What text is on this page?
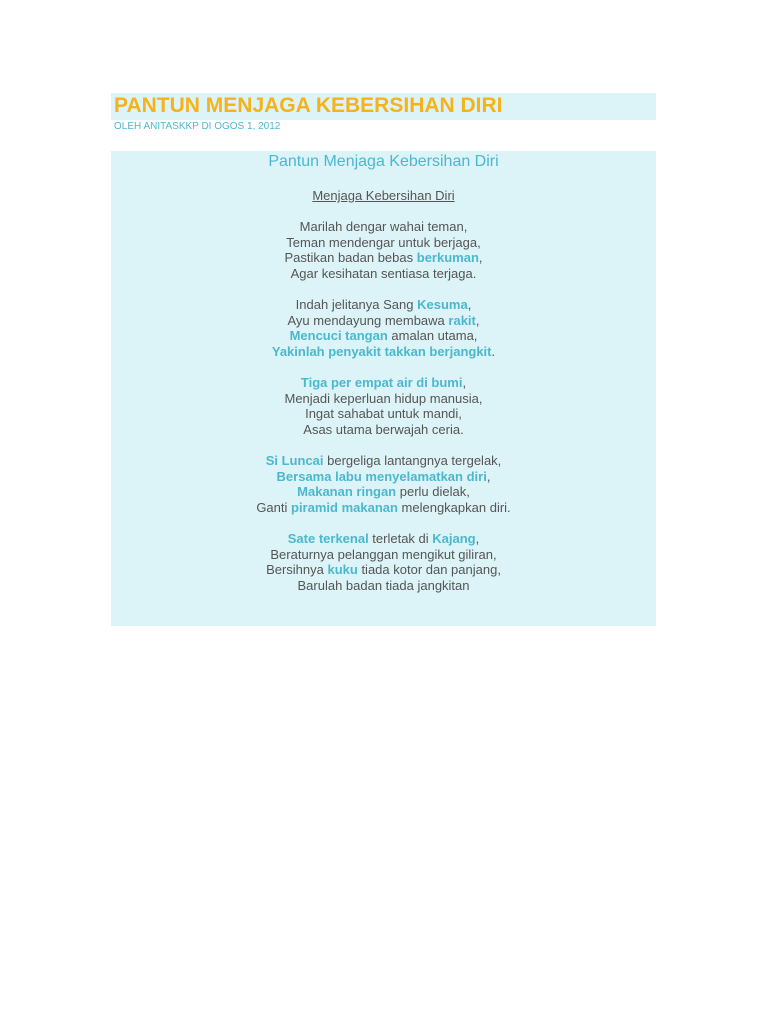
PANTUN MENJAGA KEBERSIHAN DIRI
OLEH ANITASKKP DI OGOS 1, 2012
Pantun Menjaga Kebersihan Diri
Menjaga Kebersihan Diri
Marilah dengar wahai teman,
Teman mendengar untuk berjaga,
Pastikan badan bebas berkuman,
Agar kesihatan sentiasa terjaga.
Indah jelitanya Sang Kesuma,
Ayu mendayung membawa rakit,
Mencuci tangan amalan utama,
Yakinlah penyakit takkan berjangkit.
Tiga per empat air di bumi,
Menjadi keperluan hidup manusia,
Ingat sahabat untuk mandi,
Asas utama berwajah ceria.
Si Luncai bergeliga lantangnya tergelak,
Bersama labu menyelamatkan diri,
Makanan ringan perlu dielak,
Ganti piramid makanan melengkapkan diri.
Sate terkenal terletak di Kajang,
Beraturnya pelanggan mengikut giliran,
Bersihnya kuku tiada kotor dan panjang,
Barulah badan tiada jangkitan
